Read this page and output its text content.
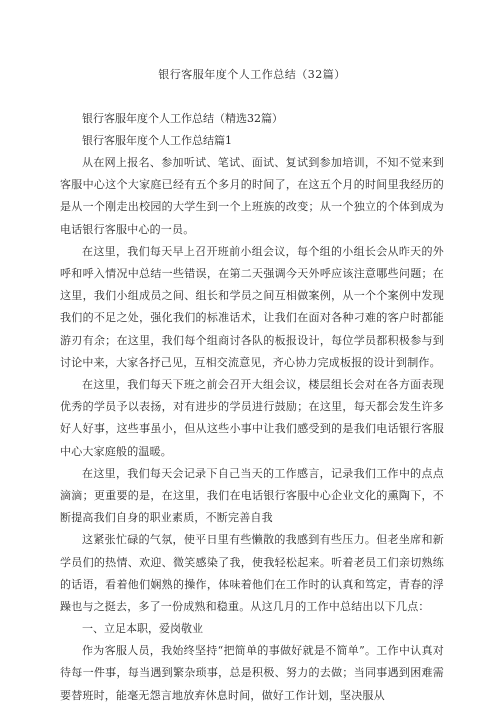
银行客服年度个人工作总结（32篇）

银行客服年度个人工作总结（精选32篇）

银行客服年度个人工作总结篇1

从在网上报名、参加听试、笔试、面试、复试到参加培训，不知不觉来到客服中心这个大家庭已经有五个多月的时间了，在这五个月的时间里我经历的是从一个刚走出校园的大学生到一个上班族的改变；从一个独立的个体到成为电话银行客服中心的一员。

在这里，我们每天早上召开班前小组会议，每个组的小组长会从昨天的外呼和呼入情况中总结一些错误，在第二天强调今天外呼应该注意哪些问题；在这里，我们小组成员之间、组长和学员之间互相做案例，从一个个案例中发现我们的不足之处，强化我们的标准话术，让我们在面对各种刁难的客户时都能游刃有余；在这里，我们每个组商讨各队的板报设计，每位学员都积极参与到讨论中来，大家各抒己见，互相交流意见，齐心协力完成板报的设计到制作。

在这里，我们每天下班之前会召开大组会议，楼层组长会对在各方面表现优秀的学员予以表扬，对有进步的学员进行鼓励；在这里，每天都会发生许多好人好事，这些事虽小，但从这些小事中让我们感受到的是我们电话银行客服中心大家庭般的温暖。

在这里，我们每天会记录下自己当天的工作感言，记录我们工作中的点点滴滴；更重要的是，在这里，我们在电话银行客服中心企业文化的熏陶下，不断提高我们自身的职业素质，不断完善自我

这紧张忙碌的气氛，使平日里有些懒散的我感到有些压力。但老坐席和新学员们的热情、欢迎、微笑感染了我，使我轻松起来。听着老员工们亲切熟练的话语，看着他们娴熟的操作，体味着他们在工作时的认真和笃定，青春的浮躁也与之挺去，多了一份成熟和稳重。从这几月的工作中总结出以下几点：

一、立足本职，爱岗敬业

作为客服人员，我始终坚持“把简单的事做好就是不简单”。工作中认真对待每一件事，每当遇到繁杂琐事，总是积极、努力的去做；当同事遇到困难需要替班时，能毫无怨言地放弃休息时间，做好工作计划，坚决服从
